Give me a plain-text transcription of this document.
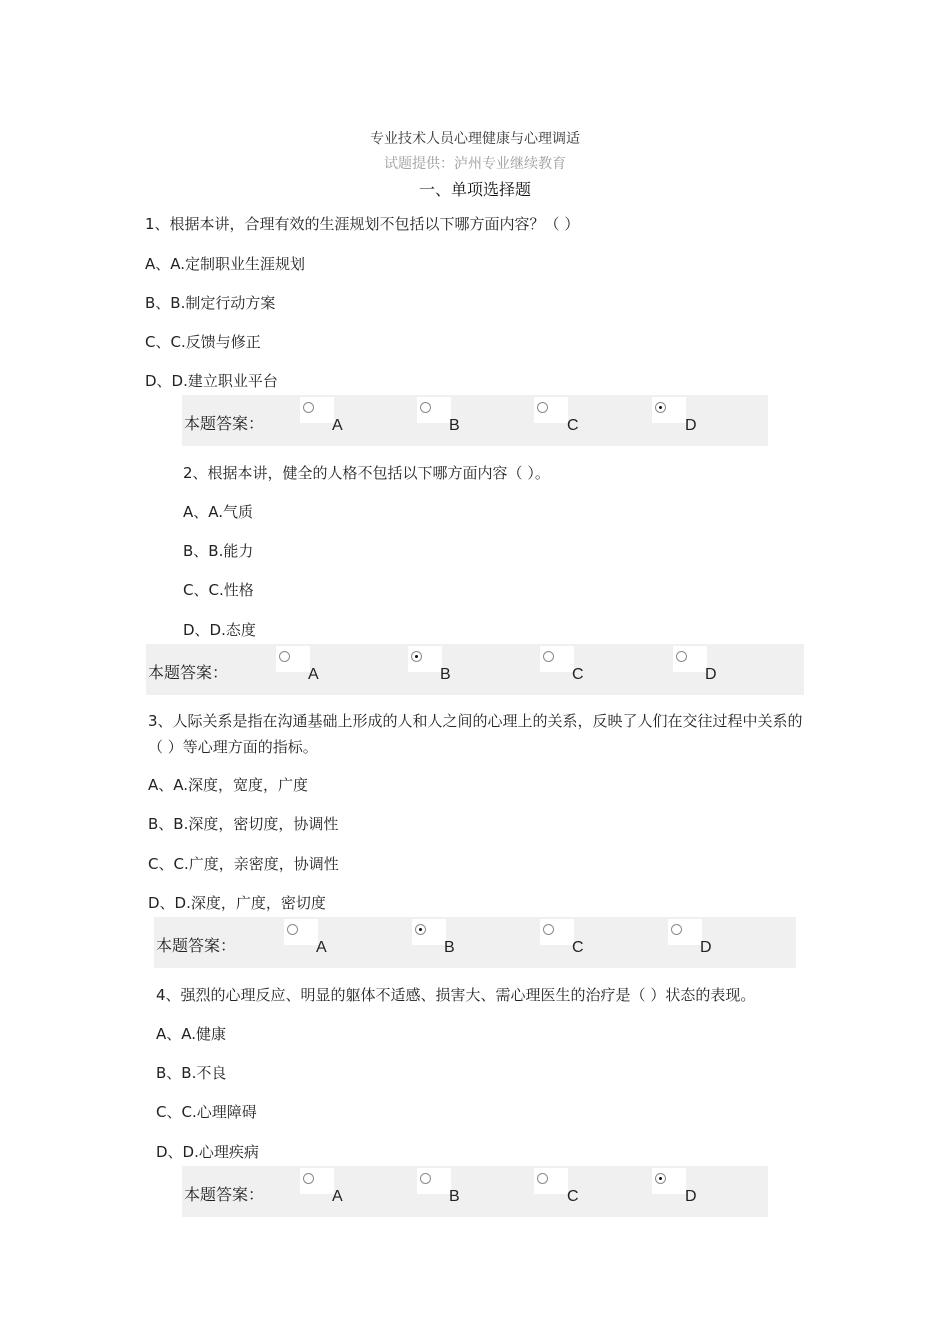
专业技术人员心理健康与心理调适
试题提供：泸州专业继续教育
一、单项选择题
1、根据本讲，合理有效的生涯规划不包括以下哪方面内容？（ ）
A、A.定制职业生涯规划
B、B.制定行动方案
C、C.反馈与修正
D、D.建立职业平台
本题答案：	A	B	C	D
2、根据本讲，健全的人格不包括以下哪方面内容（ ）。
A、A.气质
B、B.能力
C、C.性格
D、D.态度
本题答案：	A	B	C	D
3、人际关系是指在沟通基础上形成的人和人之间的心理上的关系，反映了人们在交往过程中关系的（ ）等心理方面的指标。
A、A.深度，宽度，广度
B、B.深度，密切度，协调性
C、C.广度，亲密度，协调性
D、D.深度，广度，密切度
本题答案：	A	B	C	D
4、强烈的心理反应、明显的躯体不适感、损害大、需心理医生的治疗是（ ）状态的表现。
A、A.健康
B、B.不良
C、C.心理障碍
D、D.心理疾病
本题答案：	A	B	C	D
